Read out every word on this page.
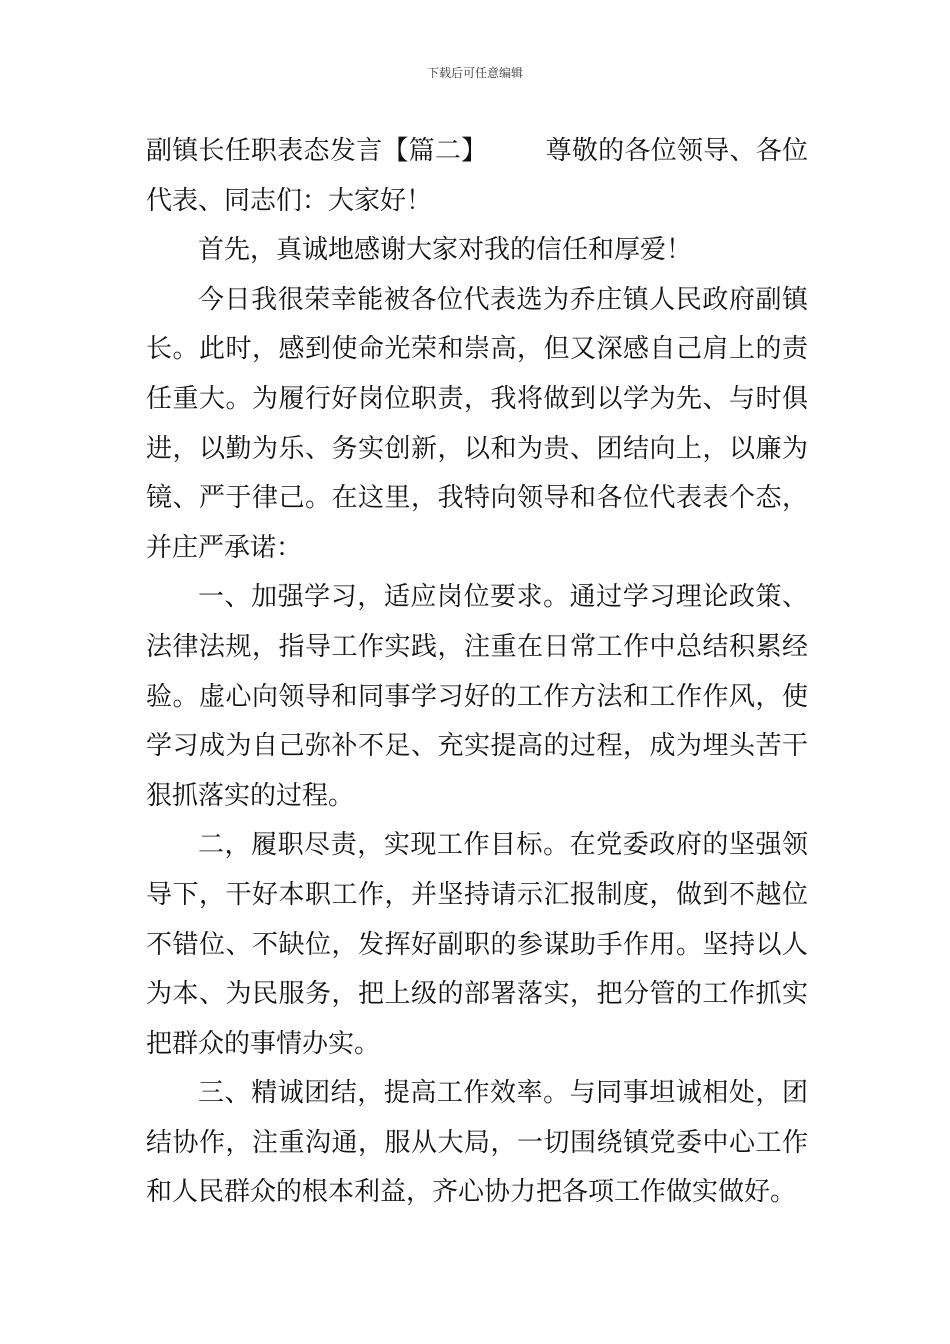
下载后可任意编辑

副镇长任职表态发言【篇二】 尊敬的各位领导、各位代表、同志们：大家好！

首先，真诚地感谢大家对我的信任和厚爱！

今日我很荣幸能被各位代表选为乔庄镇人民政府副镇长。此时，感到使命光荣和崇高，但又深感自己肩上的责任重大。为履行好岗位职责，我将做到以学为先、与时俱进，以勤为乐、务实创新，以和为贵、团结向上，以廉为镜、严于律己。在这里，我特向领导和各位代表表个态，并庄严承诺：

一、加强学习，适应岗位要求。通过学习理论政策、法律法规，指导工作实践，注重在日常工作中总结积累经验。虚心向领导和同事学习好的工作方法和工作作风，使学习成为自己弥补不足、充实提高的过程，成为埋头苦干狠抓落实的过程。

二，履职尽责，实现工作目标。在党委政府的坚强领导下，干好本职工作，并坚持请示汇报制度，做到不越位不错位、不缺位，发挥好副职的参谋助手作用。坚持以人为本、为民服务，把上级的部署落实，把分管的工作抓实把群众的事情办实。

三、精诚团结，提高工作效率。与同事坦诚相处，团结协作，注重沟通，服从大局，一切围绕镇党委中心工作和人民群众的根本利益，齐心协力把各项工作做实做好。
